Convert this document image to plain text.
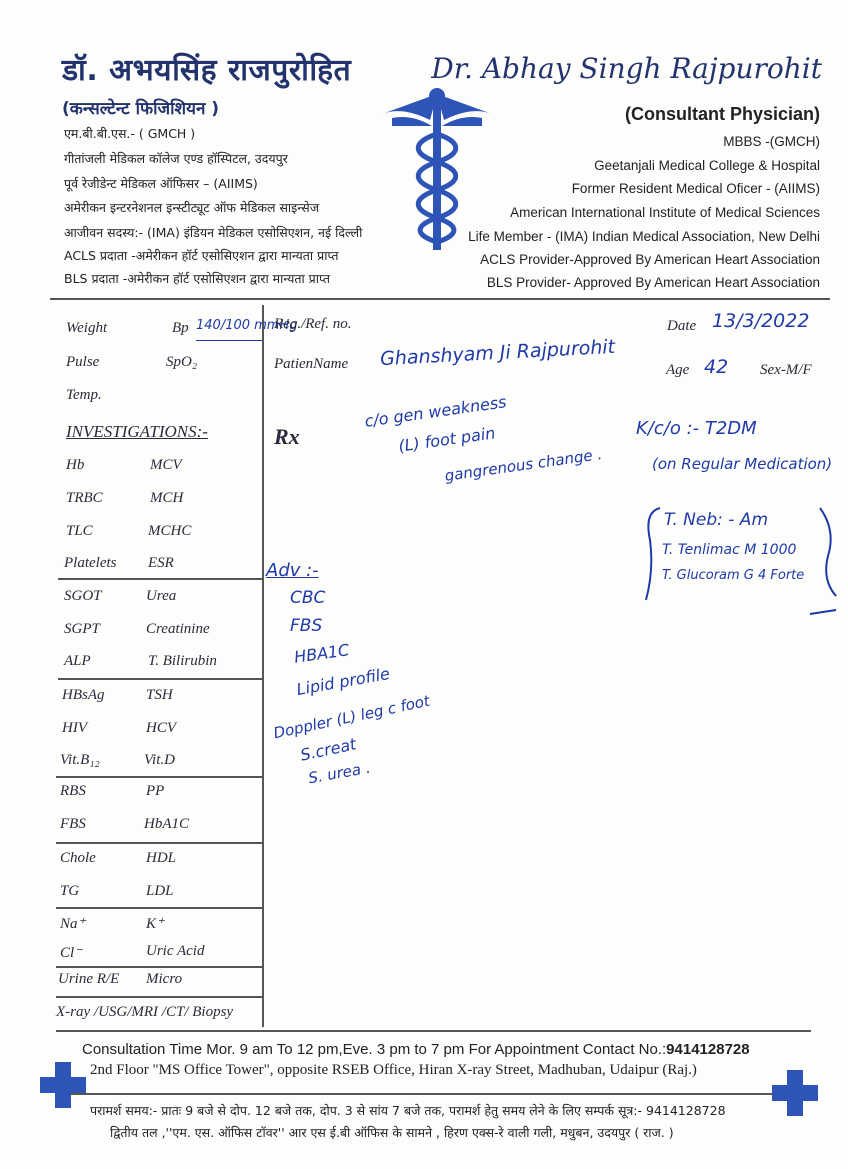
डॉ. अभयसिंह राजपुरोहित
(कन्सल्टेन्ट फिजिशियन )
एम.बी.बी.एस.- ( GMCH )
गीतांजली मेडिकल कॉलेज एण्ड हॉस्पिटल, उदयपुर
पूर्व रेजीडेन्ट मेडिकल ऑफिसर – (AIIMS)
अमेरीकन इन्टरनेशनल इन्स्टीट्यूट ऑफ मेडिकल साइन्सेज
आजीवन सदस्य:- (IMA) इंडियन मेडिकल एसोसिएशन, नई दिल्ली
ACLS प्रदाता -अमेरीकन हॉर्ट एसोसिएशन द्वारा मान्यता प्राप्त
BLS प्रदाता -अमेरीकन हॉर्ट एसोसिएशन द्वारा मान्यता प्राप्त
Dr. Abhay Singh Rajpurohit
(Consultant Physician)
MBBS -(GMCH)
Geetanjali Medical College & Hospital
Former Resident Medical Oficer - (AIIMS)
American International Institute of Medical Sciences
Life Member - (IMA) Indian Medical Association, New Delhi
ACLS Provider-Approved By American Heart Association
BLS Provider- Approved By American Heart Association
Weight	Bp 140/100 mmHg
Pulse	SpO₂
Temp.
INVESTIGATIONS:-
Hb	MCV
TRBC	MCH
TLC	MCHC
Platelets ESR
SGOT	Urea
SGPT	Creatinine
ALP	T. Bilirubin
HBsAg	TSH
HIV	HCV
Vit.B₁₂	Vit.D
RBS	PP
FBS	HbA1C
Chole	HDL
TG	LDL
Na⁺	K⁺
Cl⁻	Uric Acid
Urine R/E Micro
X-ray /USG/MRI /CT/ Biopsy
Reg./Ref. no.	Date 13/3/2022
PatienName Ghanshyam Ji Rajpurohit	Age 42 Sex-M/F
Rx
c/o gen weakness
(L) foot pain
gangrenous change .
K/c/o :- T2DM
(on Regular Medication)
T. Neb: - Am
T. Tenlimac M 1000
T. Glucoram G 4 Forte
Adv :-
CBC
FBS
HBA1C
Lipid profile
Doppler (L) leg c foot
S.creat
S. urea .
Consultation Time Mor. 9 am To 12 pm,Eve. 3 pm to 7 pm For Appointment Contact No.:9414128728
2nd Floor "MS Office Tower", opposite RSEB Office, Hiran X-ray Street, Madhuban, Udaipur (Raj.)
परामर्श समय:- प्रातः 9 बजे से दोप. 12 बजे तक, दोप. 3 से सांय 7 बजे तक, परामर्श हेतु समय लेने के लिए सम्पर्क सूत्र:- 9414128728
द्वितीय तल ,''एम. एस. ऑफिस टॉवर'' आर एस ई.बी ऑफिस के सामने , हिरण एक्स-रे वाली गली, मधुबन, उदयपुर ( राज. )
